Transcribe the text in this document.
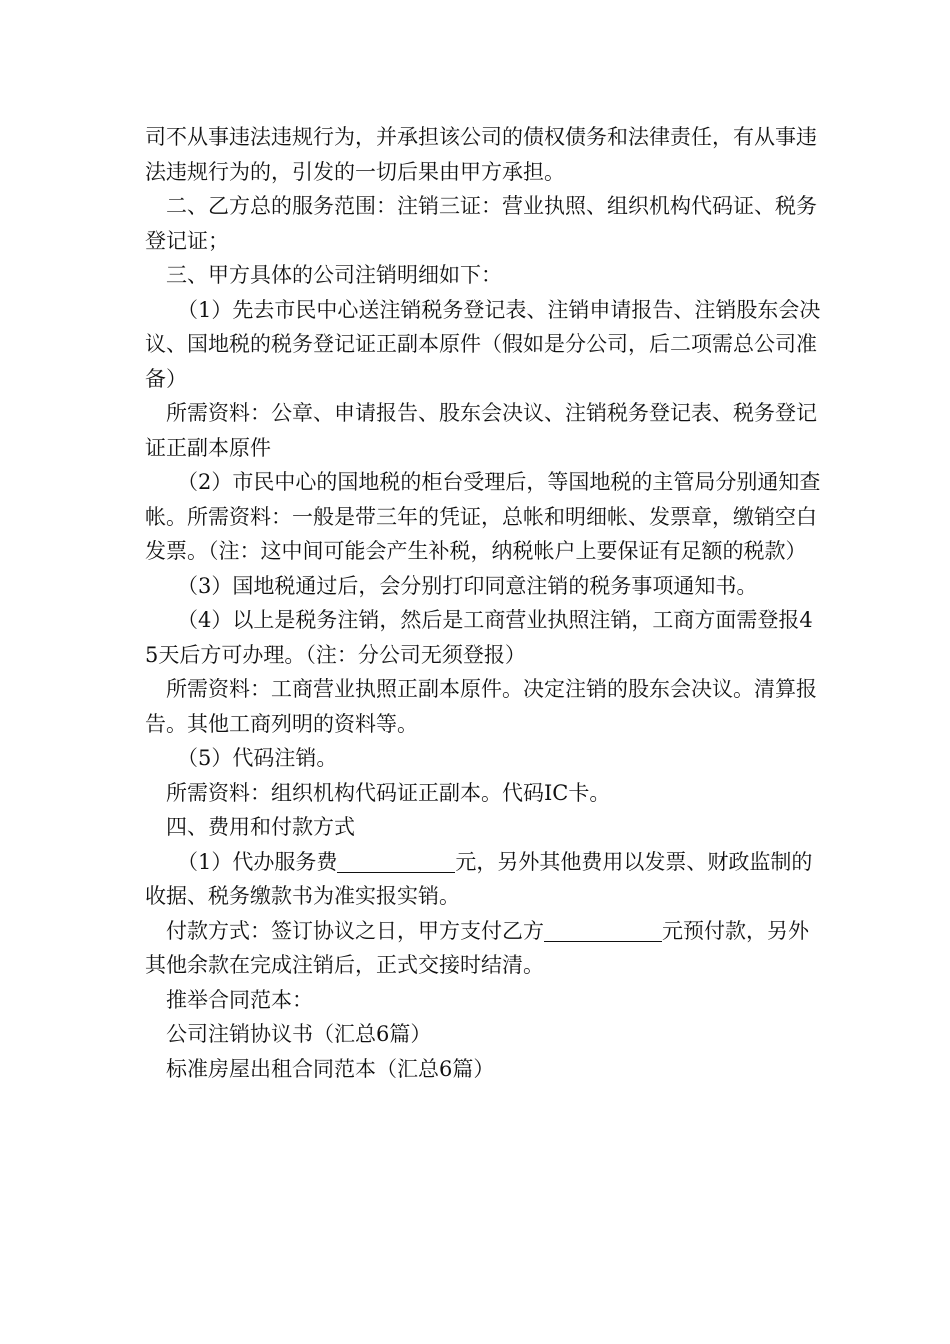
司不从事违法违规行为，并承担该公司的债权债务和法律责任，有从事违法违规行为的，引发的一切后果由甲方承担。

二、乙方总的服务范围：注销三证：营业执照、组织机构代码证、税务登记证；

三、甲方具体的公司注销明细如下：

（1）先去市民中心送注销税务登记表、注销申请报告、注销股东会决议、国地税的税务登记证正副本原件（假如是分公司，后二项需总公司准备）

所需资料：公章、申请报告、股东会决议、注销税务登记表、税务登记证正副本原件

（2）市民中心的国地税的柜台受理后，等国地税的主管局分别通知查帐。所需资料：一般是带三年的凭证，总帐和明细帐、发票章，缴销空白发票。（注：这中间可能会产生补税，纳税帐户上要保证有足额的税款）

（3）国地税通过后，会分别打印同意注销的税务事项通知书。

（4）以上是税务注销，然后是工商营业执照注销，工商方面需登报45天后方可办理。（注：分公司无须登报）

所需资料：工商营业执照正副本原件。决定注销的股东会决议。清算报告。其他工商列明的资料等。

（5）代码注销。

所需资料：组织机构代码证正副本。代码IC卡。

四、费用和付款方式

（1）代办服务费	元，另外其他费用以发票、财政监制的收据、税务缴款书为准实报实销。

付款方式：签订协议之日，甲方支付乙方	元预付款，另外其他余款在完成注销后，正式交接时结清。

推举合同范本：

公司注销协议书（汇总6篇）

标准房屋出租合同范本（汇总6篇）
